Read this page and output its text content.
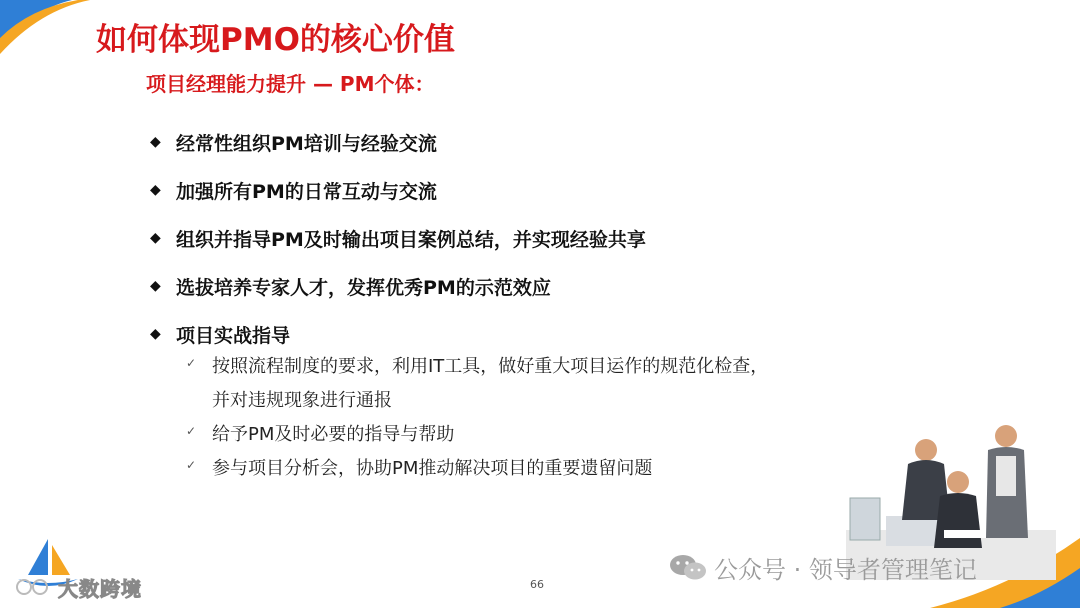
如何体现PMO的核心价值
项目经理能力提升 — PM个体：
◆ 经常性组织PM培训与经验交流
◆ 加强所有PM的日常互动与交流
◆ 组织并指导PM及时输出项目案例总结，并实现经验共享
◆ 选拔培养专家人才，发挥优秀PM的示范效应
◆ 项目实战指导
✓ 按照流程制度的要求，利用IT工具，做好重大项目运作的规范化检查，
并对违规现象进行通报
✓ 给予PM及时必要的指导与帮助
✓ 参与项目分析会，协助PM推动解决项目的重要遗留问题
大数跨境	66
公众号 · 领导者管理笔记
